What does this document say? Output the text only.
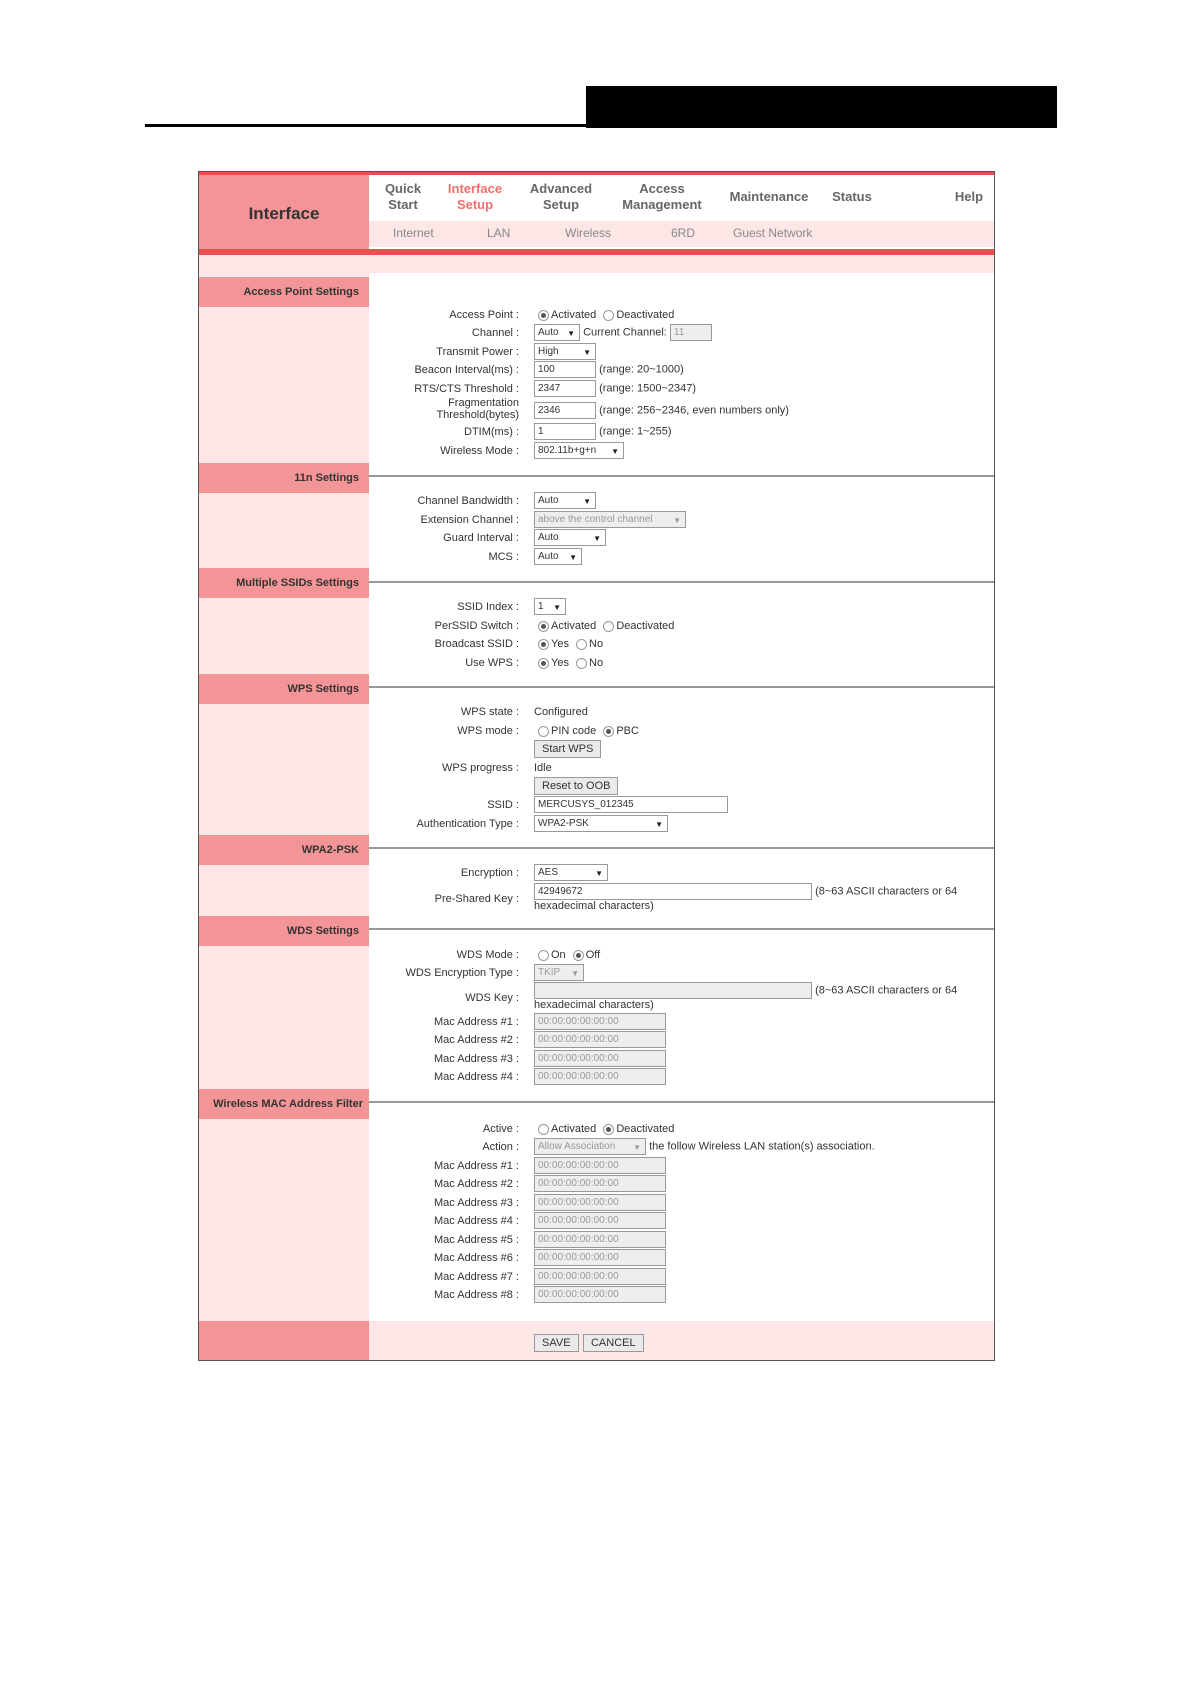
Interface
Quick
Start
Interface
Setup
Advanced
Setup
Access
Management
Maintenance	Status	Help
Internet	LAN	Wireless	6RD	Guest Network
Access Point Settings
Access Point :	Activated Deactivated
Channel :	Auto ▼ Current Channel: 11
Transmit Power :	High ▼
Beacon Interval(ms) :	100	(range: 20~1000)
RTS/CTS Threshold :	2347	(range: 1500~2347)
Fragmentation
Threshold(bytes)	2346	(range: 256~2346, even numbers only)
DTIM(ms) :	1	(range: 1~255)
Wireless Mode :	802.11b+g+n ▼
11n Settings
Channel Bandwidth :	Auto ▼
Extension Channel :	above the control channel ▼
Guard Interval :	Auto ▼
MCS :	Auto ▼
Multiple SSIDs Settings
SSID Index :	1 ▼
PerSSID Switch :	Activated Deactivated
Broadcast SSID :	Yes No
Use WPS :	Yes No
WPS Settings
WPS state : Configured
WPS mode :	PIN code PBC
Start WPS
WPS progress : Idle
Reset to OOB
SSID :	MERCUSYS_012345
Authentication Type :	WPA2-PSK ▼
WPA2-PSK
Encryption :	AES ▼
Pre-Shared Key :
42949672	(8~63 ASCII characters or 64
hexadecimal characters)
WDS Settings
WDS Mode :	On Off
WDS Encryption Type :	TKIP ▼
WDS Key :
(8~63 ASCII characters or 64
hexadecimal characters)
Mac Address #1 :	00:00:00:00:00:00
Mac Address #2 :	00:00:00:00:00:00
Mac Address #3 :	00:00:00:00:00:00
Mac Address #4 :	00:00:00:00:00:00
Wireless MAC Address Filter
Active :	Activated Deactivated
Action :	Allow Association ▼	the follow Wireless LAN station(s) association.
Mac Address #1 :	00:00:00:00:00:00
Mac Address #2 :	00:00:00:00:00:00
Mac Address #3 :	00:00:00:00:00:00
Mac Address #4 :	00:00:00:00:00:00
Mac Address #5 :	00:00:00:00:00:00
Mac Address #6 :	00:00:00:00:00:00
Mac Address #7 :	00:00:00:00:00:00
Mac Address #8 :	00:00:00:00:00:00
SAVE CANCEL
